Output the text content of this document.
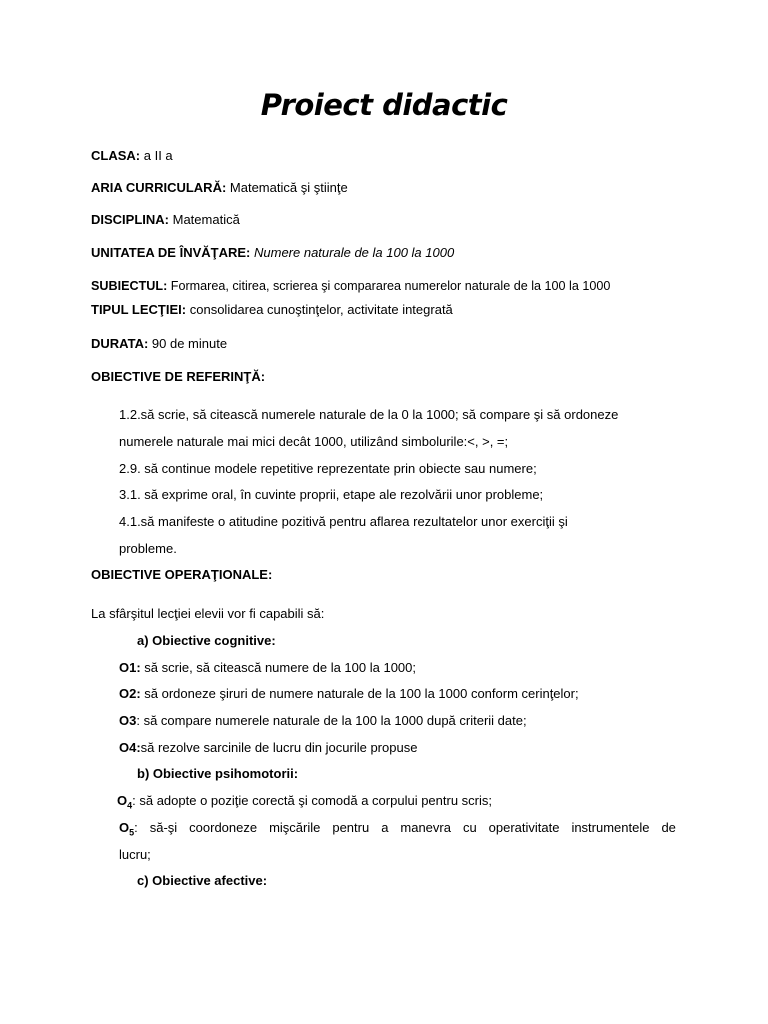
Proiect didactic
CLASA: a II a
ARIA CURRICULARĂ: Matematică şi ştiinţe
DISCIPLINA: Matematică
UNITATEA DE ÎNVĂŢARE: Numere naturale de la 100 la 1000
SUBIECTUL: Formarea, citirea, scrierea şi compararea numerelor naturale de la 100 la 1000
TIPUL LECŢIEI: consolidarea cunoştinţelor, activitate integrată
DURATA: 90 de minute
OBIECTIVE DE REFERINŢĂ:
1.2.să scrie, să citească numerele naturale de la 0 la 1000; să compare şi să ordoneze
numerele naturale mai mici decât 1000, utilizând simbolurile:<, >, =;
2.9. să continue modele repetitive reprezentate prin obiecte sau numere;
3.1. să exprime oral, în cuvinte proprii, etape ale rezolvării unor probleme;
4.1.să manifeste o atitudine pozitivă pentru aflarea rezultatelor unor exerciţii şi
probleme.
OBIECTIVE OPERAŢIONALE:
La sfârşitul lecţiei elevii vor fi capabili să:
a) Obiective cognitive:
O1: să scrie, să citească numere de la 100 la 1000;
O2: să ordoneze şiruri de numere naturale de la 100 la 1000 conform cerinţelor;
O3: să compare numerele naturale de la 100 la 1000 după criterii date;
O4:să rezolve sarcinile de lucru din jocurile propuse
b) Obiective psihomotorii:
$O_4$: să adopte o poziţie corectă şi comodă a corpului pentru scris;
$O_5$: să-şi coordoneze mişcările pentru a manevra cu operativitate instrumentele de
lucru;
c) Obiective afective:
